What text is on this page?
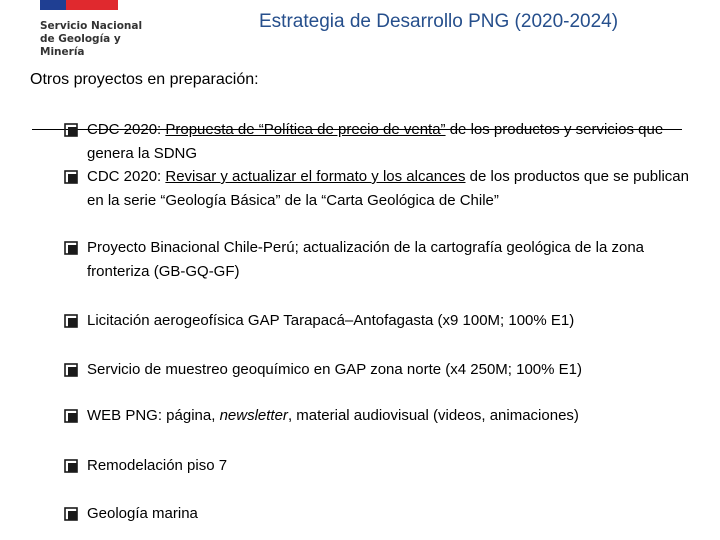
Servicio Nacional
de Geología y
Minería
Estrategia de Desarrollo PNG (2020-2024)
Otros proyectos en preparación:
CDC 2020: Propuesta de “Política de precio de venta” de los productos y servicios que genera la SDNG
CDC 2020: Revisar y actualizar el formato y los alcances de los productos que se publican en la serie “Geología Básica” de la “Carta Geológica de Chile”
Proyecto Binacional Chile-Perú; actualización de la cartografía geológica de la zona fronteriza (GB-GQ-GF)
Licitación aerogeofísica GAP Tarapacá–Antofagasta (x9 100M; 100% E1)
Servicio de muestreo geoquímico en GAP zona norte (x4 250M; 100% E1)
WEB PNG: página, newsletter, material audiovisual (videos, animaciones)
Remodelación piso 7
Geología marina
